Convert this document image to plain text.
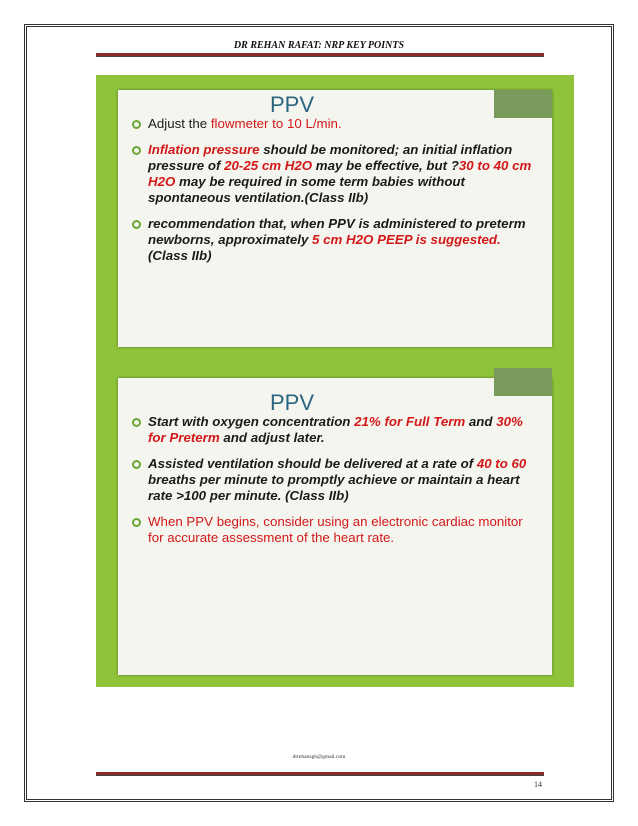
DR REHAN RAFAT: NRP KEY POINTS
PPV
Adjust the flowmeter to 10 L/min.
Inflation pressure should be monitored; an initial inflation pressure of 20-25 cm H2O may be effective, but ?30 to 40 cm H2O may be required in some term babies without spontaneous ventilation.(Class IIb)
recommendation that, when PPV is administered to preterm newborns, approximately 5 cm H2O PEEP is suggested. (Class IIb)
PPV
Start with oxygen concentration 21% for Full Term and 30% for Preterm and adjust later.
Assisted ventilation should be delivered at a rate of 40 to 60 breaths per minute to promptly achieve or maintain a heart rate >100 per minute. (Class IIb)
When PPV begins, consider using an electronic cardiac monitor for accurate assessment of the heart rate.
drrehansgh@gmail.com
14
